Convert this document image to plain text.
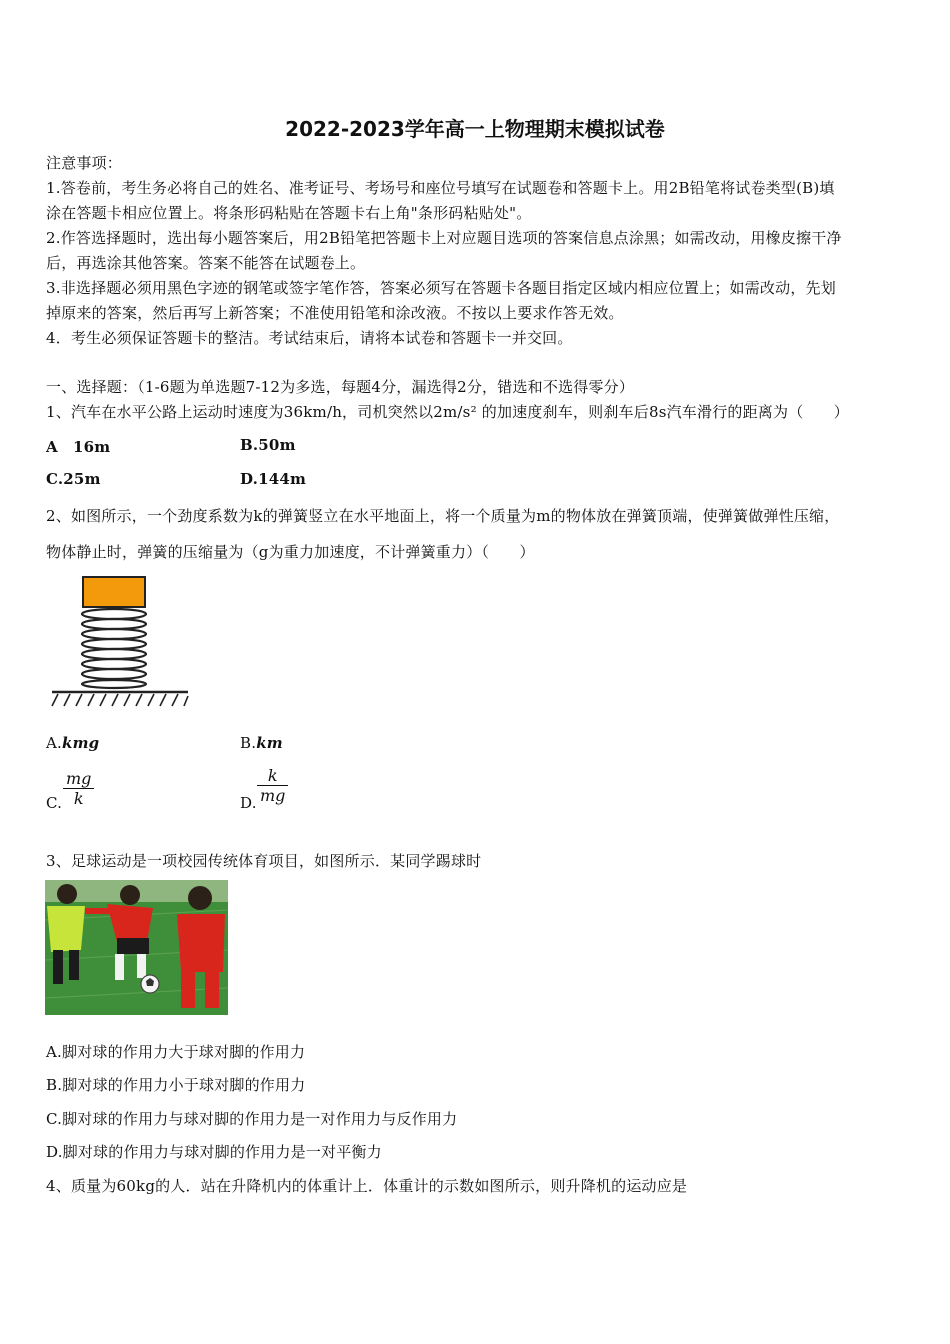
2022-2023学年高一上物理期末模拟试卷
注意事项：
1.答卷前，考生务必将自己的姓名、准考证号、考场号和座位号填写在试题卷和答题卡上。用2B铅笔将试卷类型(B)填
涂在答题卡相应位置上。将条形码粘贴在答题卡右上角"条形码粘贴处"。
2.作答选择题时，选出每小题答案后，用2B铅笔把答题卡上对应题目选项的答案信息点涂黑；如需改动，用橡皮擦干净
后，再选涂其他答案。答案不能答在试题卷上。
3.非选择题必须用黑色字迹的钢笔或签字笔作答，答案必须写在答题卡各题目指定区域内相应位置上；如需改动，先划
掉原来的答案，然后再写上新答案；不准使用铅笔和涂改液。不按以上要求作答无效。
4．考生必须保证答题卡的整洁。考试结束后，请将本试卷和答题卡一并交回。
一、选择题：（1-6题为单选题7-12为多选，每题4分，漏选得2分，错选和不选得零分）
1、汽车在水平公路上运动时速度为36km/h，司机突然以2m/s² 的加速度刹车，则刹车后8s汽车滑行的距离为（　　）
A　16m	B.50m
C.25m	D.144m
2、如图所示，一个劲度系数为k的弹簧竖立在水平地面上，将一个质量为m的物体放在弹簧顶端，使弹簧做弹性压缩，
物体静止时，弹簧的压缩量为（g为重力加速度，不计弹簧重力）（　　）
A.kmg	B.km
C. $\frac{mg}{k}$	D. $\frac{k}{mg}$
3、足球运动是一项校园传统体育项目，如图所示．某同学踢球时
A.脚对球的作用力大于球对脚的作用力
B.脚对球的作用力小于球对脚的作用力
C.脚对球的作用力与球对脚的作用力是一对作用力与反作用力
D.脚对球的作用力与球对脚的作用力是一对平衡力
4、质量为60kg的人．站在升降机内的体重计上．体重计的示数如图所示，则升降机的运动应是
